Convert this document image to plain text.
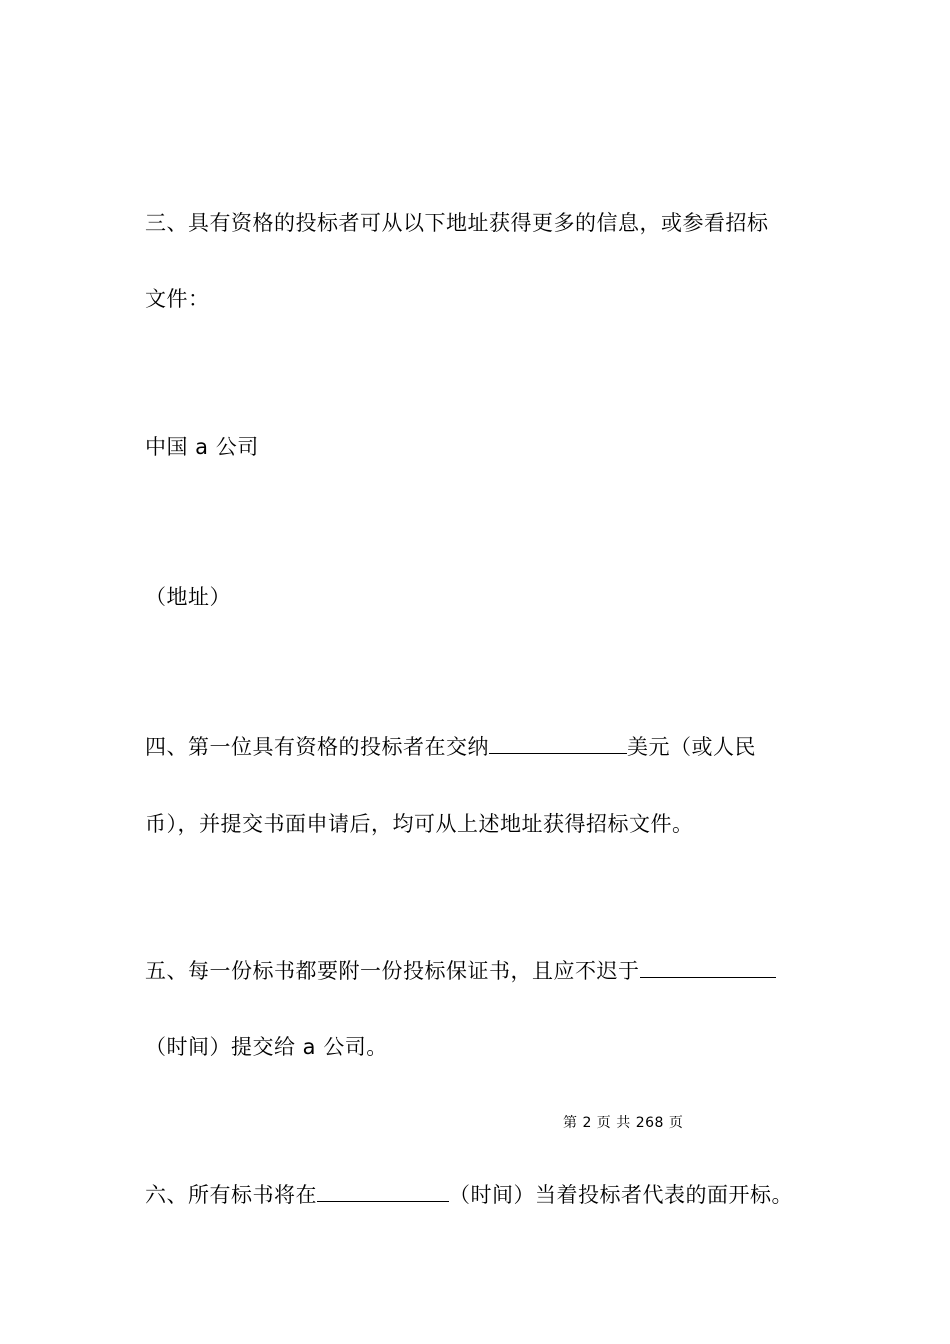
三、具有资格的投标者可从以下地址获得更多的信息，或参看招标
文件：
中国 a 公司
（地址）
四、第一位具有资格的投标者在交纳	美元（或人民
币），并提交书面申请后，均可从上述地址获得招标文件。
五、每一份标书都要附一份投标保证书，且应不迟于
（时间）提交给 a 公司。
第 2 页 共 268 页
六、所有标书将在	（时间）当着投标者代表的面开标。
